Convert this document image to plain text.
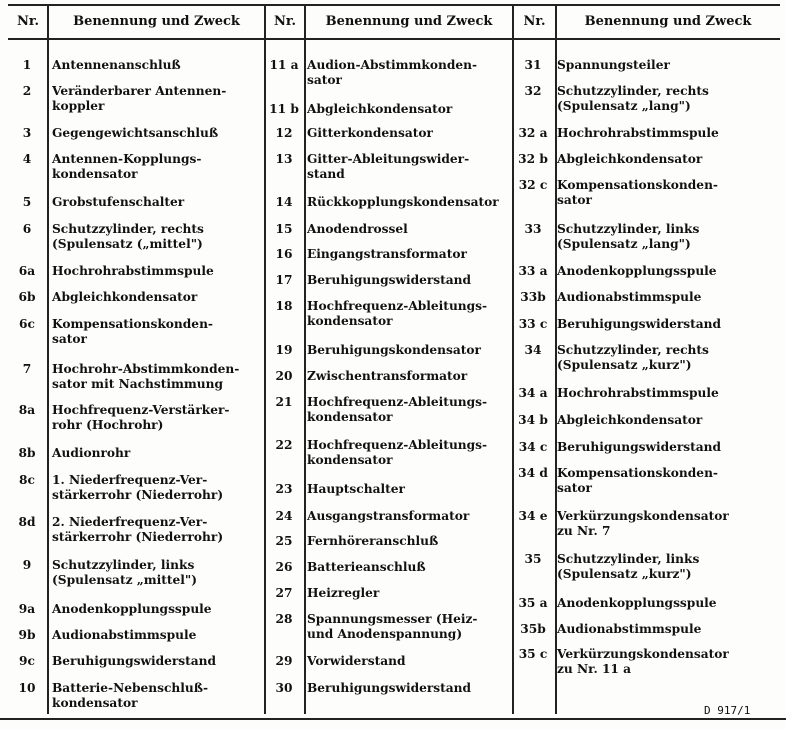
Nr.	Benennung und Zweck	Nr.	Benennung und Zweck	Nr.	Benennung und Zweck
1	Antennenanschluß
2	Veränderbarer Antennen-
koppler
3	Gegengewichtsanschluß
4	Antennen-Kopplungs-
kondensator
5	Grobstufenschalter
6	Schutzzylinder, rechts
(Spulensatz („mittel")
6a	Hochrohrabstimmspule
6b	Abgleichkondensator
6c	Kompensationskonden-
sator
7	Hochrohr-Abstimmkonden-
sator mit Nachstimmung
8a	Hochfrequenz-Verstärker-
rohr (Hochrohr)
8b	Audionrohr
8c	1. Niederfrequenz-Ver-
stärkerrohr (Niederrohr)
8d	2. Niederfrequenz-Ver-
stärkerrohr (Niederrohr)
9	Schutzzylinder, links
(Spulensatz „mittel")
9a	Anodenkopplungsspule
9b	Audionabstimmspule
9c	Beruhigungswiderstand
10	Batterie-Nebenschluß-
kondensator
11 a Audion-Abstimmkonden-
sator
11 b Abgleichkondensator
12	Gitterkondensator
13	Gitter-Ableitungswider-
stand
14	Rückkopplungskondensator
15	Anodendrossel
16	Eingangstransformator
17	Beruhigungswiderstand
18	Hochfrequenz-Ableitungs-
kondensator
19	Beruhigungskondensator
20	Zwischentransformator
21	Hochfrequenz-Ableitungs-
kondensator
22	Hochfrequenz-Ableitungs-
kondensator
23	Hauptschalter
24	Ausgangstransformator
25	Fernhöreranschluß
26	Batterieanschluß
27	Heizregler
28	Spannungsmesser (Heiz-
und Anodenspannung)
29	Vorwiderstand
30	Beruhigungswiderstand
31	Spannungsteiler
32	Schutzzylinder, rechts
(Spulensatz „lang")
32 a Hochrohrabstimmspule
32 b Abgleichkondensator
32 c Kompensationskonden-
sator
33	Schutzzylinder, links
(Spulensatz „lang")
33 a Anodenkopplungsspule
33b Audionabstimmspule
33 c Beruhigungswiderstand
34	Schutzzylinder, rechts
(Spulensatz „kurz")
34 a Hochrohrabstimmspule
34 b Abgleichkondensator
34 c Beruhigungswiderstand
34 d Kompensationskonden-
sator
34 e Verkürzungskondensator
zu Nr. 7
35	Schutzzylinder, links
(Spulensatz „kurz")
35 a Anodenkopplungsspule
35b Audionabstimmspule
35 c Verkürzungskondensator
zu Nr. 11 a
D 917/1
